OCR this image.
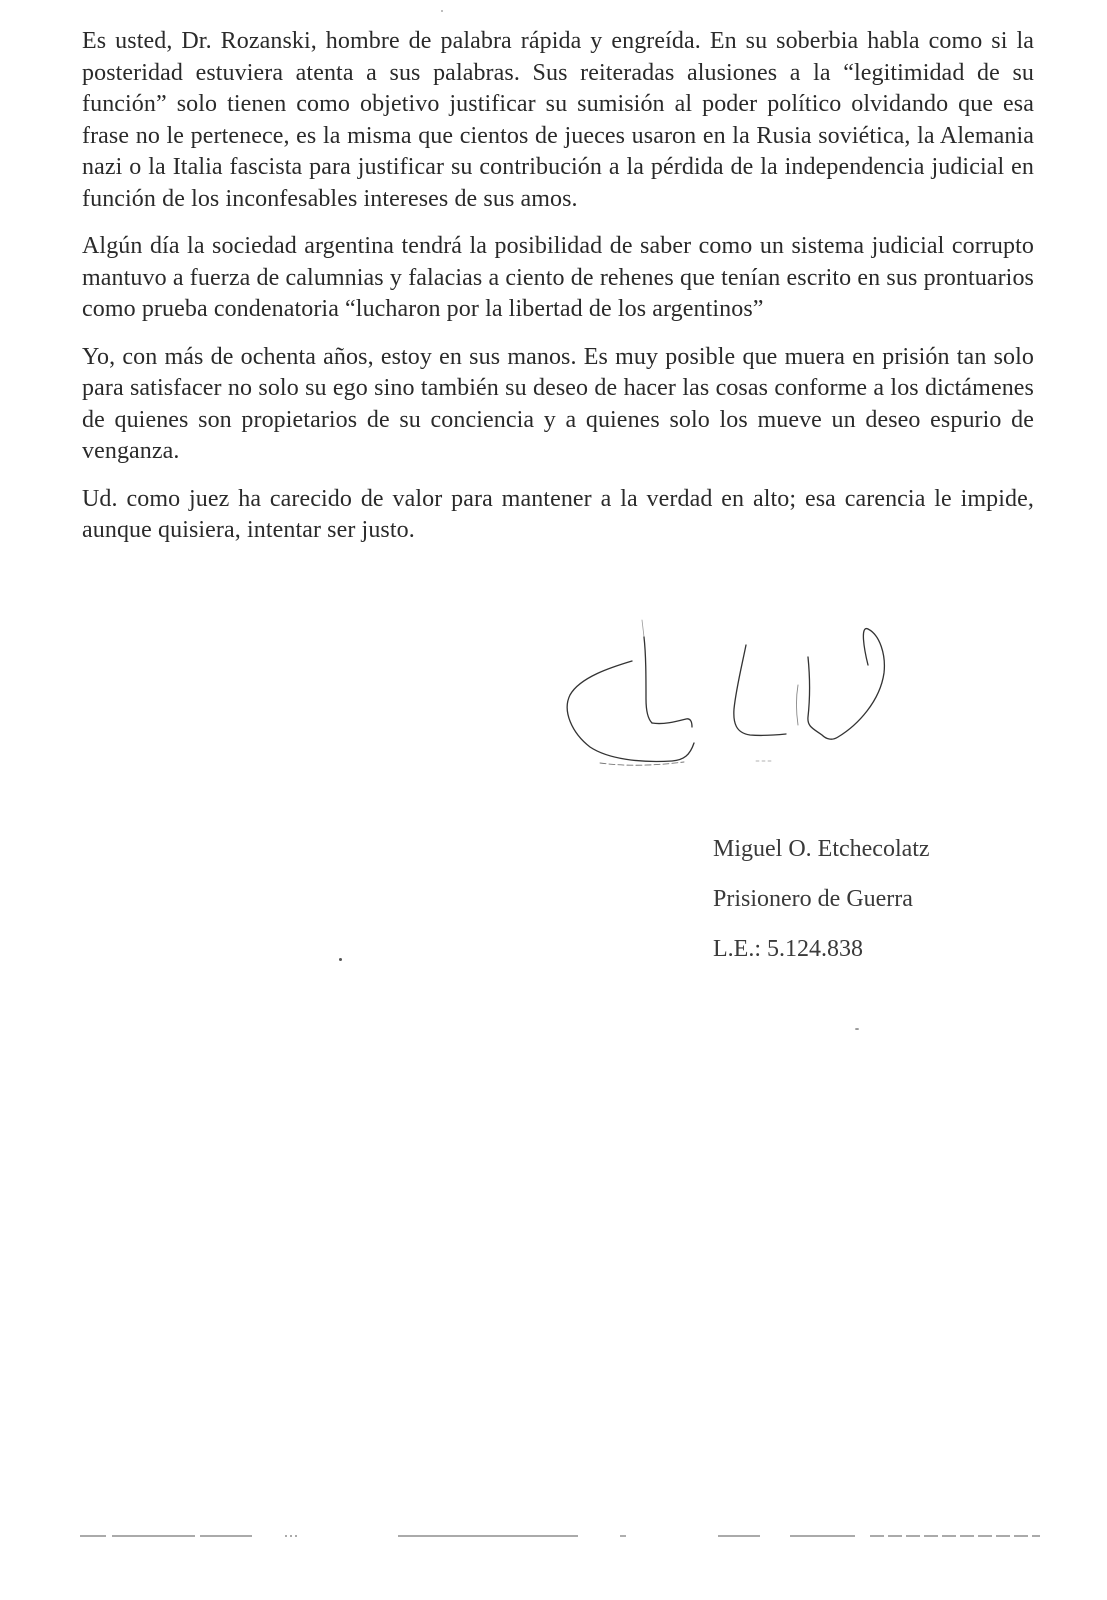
Es usted, Dr. Rozanski, hombre de palabra rápida y engreída. En su soberbia habla como si la posteridad estuviera atenta a sus palabras. Sus reiteradas alusiones a la “legitimidad de su función” solo tienen como objetivo justificar su sumisión al poder político olvidando que esa frase no le pertenece, es la misma que cientos de jueces usaron en la Rusia soviética, la Alemania nazi o la Italia fascista para justificar su contribución a la pérdida de la independencia judicial en función de los inconfesables intereses de sus amos.

Algún día la sociedad argentina tendrá la posibilidad de saber como un sistema judicial corrupto mantuvo a fuerza de calumnias y falacias a ciento de rehenes que tenían escrito en sus prontuarios como prueba condenatoria “lucharon por la libertad de los argentinos”

Yo, con más de ochenta años, estoy en sus manos. Es muy posible que muera en prisión tan solo para satisfacer no solo su ego sino también su deseo de hacer las cosas conforme a los dictámenes de quienes son propietarios de su conciencia y a quienes solo los mueve un deseo espurio de venganza.

Ud. como juez ha carecido de valor para mantener a la verdad en alto; esa carencia le impide, aunque quisiera, intentar ser justo.

Miguel O. Etchecolatz
Prisionero de Guerra
L.E.: 5.124.838
